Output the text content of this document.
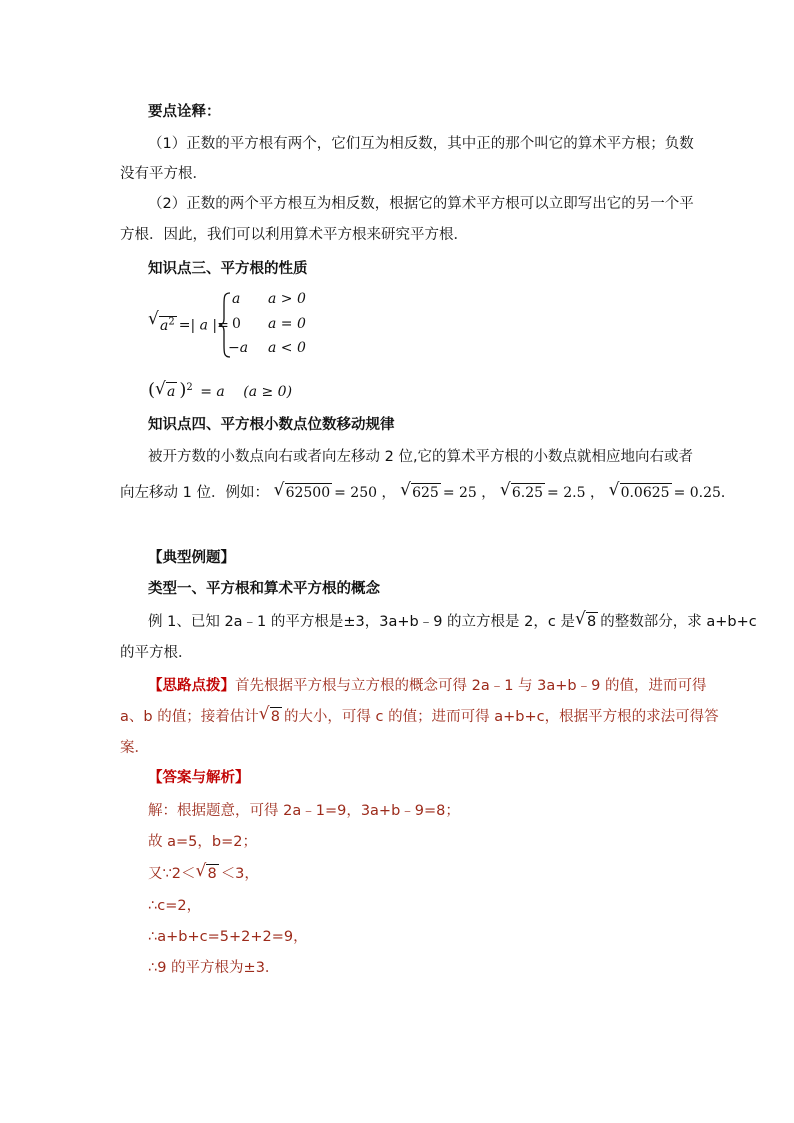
要点诠释：
（1）正数的平方根有两个，它们互为相反数，其中正的那个叫它的算术平方根；负数
没有平方根．
（2）正数的两个平方根互为相反数，根据它的算术平方根可以立即写出它的另一个平
方根．因此，我们可以利用算术平方根来研究平方根．
知识点三、平方根的性质
√ $a^2$ =| a |=
a a > 0
0 a = 0
−a a < 0
( √ a )$^2$ = a (a ≥ 0)
知识点四、平方根小数点位数移动规律
被开方数的小数点向右或者向左移动 2 位,它的算术平方根的小数点就相应地向右或者
向左移动 1 位．例如： √ 62500 = 250 ， √ 625 = 25 ， √ 6.25 = 2.5 ， √ 0.0625 = 0.25．
【典型例题】
类型一、平方根和算术平方根的概念
例 1、已知 2a﹣1 的平方根是±3，3a+b﹣9 的立方根是 2，c 是 √ 8 的整数部分，求 a+b+c
的平方根．
【思路点拨】首先根据平方根与立方根的概念可得 2a﹣1 与 3a+b﹣9 的值，进而可得
a、b 的值；接着估计 √ 8 的大小，可得 c 的值；进而可得 a+b+c，根据平方根的求法可得答
案．
【答案与解析】
解：根据题意，可得 2a﹣1=9，3a+b﹣9=8；
故 a=5，b=2；
又∵2＜ √ 8 ＜3，
∴c=2，
∴a+b+c=5+2+2=9，
∴9 的平方根为±3．
